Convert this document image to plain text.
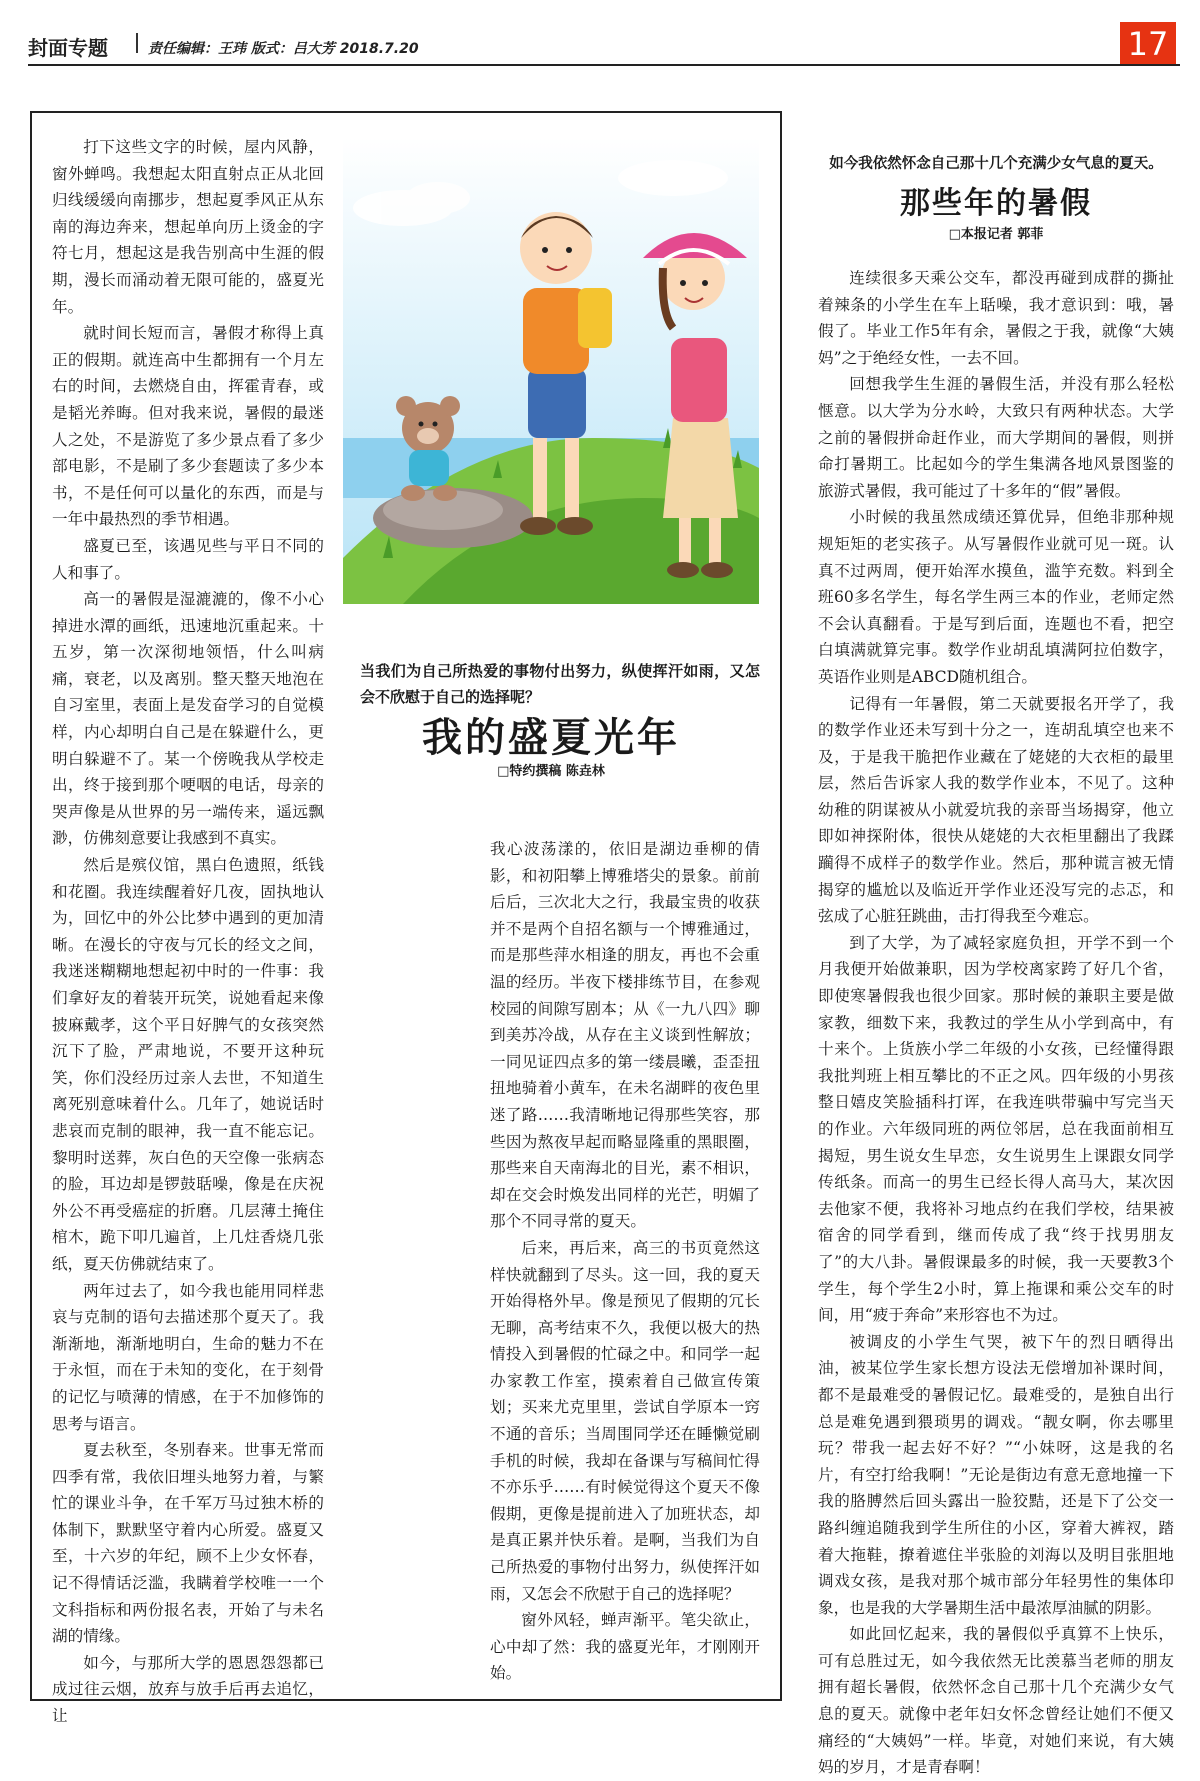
封面专题	责任编辑：王玮 版式：吕大芳 2018.7.20	17

打下这些文字的时候，屋内风静，窗外蝉鸣。我想起太阳直射点正从北回归线缓缓向南挪步，想起夏季风正从东南的海边奔来，想起单向历上烫金的字符七月，想起这是我告别高中生涯的假期，漫长而涌动着无限可能的，盛夏光年。

就时间长短而言，暑假才称得上真正的假期。就连高中生都拥有一个月左右的时间，去燃烧自由，挥霍青春，或是韬光养晦。但对我来说，暑假的最迷人之处，不是游览了多少景点看了多少部电影，不是刷了多少套题读了多少本书，不是任何可以量化的东西，而是与一年中最热烈的季节相遇。

盛夏已至，该遇见些与平日不同的人和事了。

高一的暑假是湿漉漉的，像不小心掉进水潭的画纸，迅速地沉重起来。十五岁，第一次深彻地领悟，什么叫病痛，衰老，以及离别。整天整天地泡在自习室里，表面上是发奋学习的自觉模样，内心却明白自己是在躲避什么，更明白躲避不了。某一个傍晚我从学校走出，终于接到那个哽咽的电话，母亲的哭声像是从世界的另一端传来，遥远飘渺，仿佛刻意要让我感到不真实。

然后是殡仪馆，黑白色遗照，纸钱和花圈。我连续醒着好几夜，固执地认为，回忆中的外公比梦中遇到的更加清晰。在漫长的守夜与冗长的经文之间，我迷迷糊糊地想起初中时的一件事：我们拿好友的着装开玩笑，说她看起来像披麻戴孝，这个平日好脾气的女孩突然沉下了脸，严肃地说，不要开这种玩笑，你们没经历过亲人去世，不知道生离死别意味着什么。几年了，她说话时悲哀而克制的眼神，我一直不能忘记。黎明时送葬，灰白色的天空像一张病态的脸，耳边却是锣鼓聒噪，像是在庆祝外公不再受癌症的折磨。几层薄土掩住棺木，跪下叩几遍首，上几炷香烧几张纸，夏天仿佛就结束了。

两年过去了，如今我也能用同样悲哀与克制的语句去描述那个夏天了。我渐渐地，渐渐地明白，生命的魅力不在于永恒，而在于未知的变化，在于刻骨的记忆与喷薄的情感，在于不加修饰的思考与语言。

夏去秋至，冬别春来。世事无常而四季有常，我依旧埋头地努力着，与繁忙的课业斗争，在千军万马过独木桥的体制下，默默坚守着内心所爱。盛夏又至，十六岁的年纪，顾不上少女怀春，记不得情话泛滥，我瞒着学校唯一一个文科指标和两份报名表，开始了与未名湖的情缘。

如今，与那所大学的恩恩怨怨都已成过往云烟，放弃与放手后再去追忆，让

当我们为自己所热爱的事物付出努力，纵使挥汗如雨，又怎会不欣慰于自己的选择呢？
我的盛夏光年
□特约撰稿 陈垚林

我心波荡漾的，依旧是湖边垂柳的倩影，和初阳攀上博雅塔尖的景象。前前后后，三次北大之行，我最宝贵的收获并不是两个自招名额与一个博雅通过，而是那些萍水相逢的朋友，再也不会重温的经历。半夜下楼排练节目，在参观校园的间隙写剧本；从《一九八四》聊到美苏冷战，从存在主义谈到性解放；一同见证四点多的第一缕晨曦，歪歪扭扭地骑着小黄车，在未名湖畔的夜色里迷了路……我清晰地记得那些笑容，那些因为熬夜早起而略显隆重的黑眼圈，那些来自天南海北的目光，素不相识，却在交会时焕发出同样的光芒，明媚了那个不同寻常的夏天。

后来，再后来，高三的书页竟然这样快就翻到了尽头。这一回，我的夏天开始得格外早。像是预见了假期的冗长无聊，高考结束不久，我便以极大的热情投入到暑假的忙碌之中。和同学一起办家教工作室，摸索着自己做宣传策划；买来尤克里里，尝试自学原本一窍不通的音乐；当周围同学还在睡懒觉刷手机的时候，我却在备课与写稿间忙得不亦乐乎……有时候觉得这个夏天不像假期，更像是提前进入了加班状态，却是真正累并快乐着。是啊，当我们为自己所热爱的事物付出努力，纵使挥汗如雨，又怎会不欣慰于自己的选择呢？

窗外风轻，蝉声渐平。笔尖欲止，心中却了然：我的盛夏光年，才刚刚开始。

如今我依然怀念自己那十几个充满少女气息的夏天。
那些年的暑假
□本报记者 郭菲

连续很多天乘公交车，都没再碰到成群的撕扯着辣条的小学生在车上聒噪，我才意识到：哦，暑假了。毕业工作5年有余，暑假之于我，就像“大姨妈”之于绝经女性，一去不回。

回想我学生生涯的暑假生活，并没有那么轻松惬意。以大学为分水岭，大致只有两种状态。大学之前的暑假拼命赶作业，而大学期间的暑假，则拼命打暑期工。比起如今的学生集满各地风景图鉴的旅游式暑假，我可能过了十多年的“假”暑假。

小时候的我虽然成绩还算优异，但绝非那种规规矩矩的老实孩子。从写暑假作业就可见一斑。认真不过两周，便开始浑水摸鱼，滥竽充数。料到全班60多名学生，每名学生两三本的作业，老师定然不会认真翻看。于是写到后面，连题也不看，把空白填满就算完事。数学作业胡乱填满阿拉伯数字，英语作业则是ABCD随机组合。

记得有一年暑假，第二天就要报名开学了，我的数学作业还未写到十分之一，连胡乱填空也来不及，于是我干脆把作业藏在了姥姥的大衣柜的最里层，然后告诉家人我的数学作业本，不见了。这种幼稚的阴谋被从小就爱坑我的亲哥当场揭穿，他立即如神探附体，很快从姥姥的大衣柜里翻出了我蹂躏得不成样子的数学作业。然后，那种谎言被无情揭穿的尴尬以及临近开学作业还没写完的忐忑，和弦成了心脏狂跳曲，击打得我至今难忘。

到了大学，为了减轻家庭负担，开学不到一个月我便开始做兼职，因为学校离家跨了好几个省，即使寒暑假我也很少回家。那时候的兼职主要是做家教，细数下来，我教过的学生从小学到高中，有十来个。上货族小学二年级的小女孩，已经懂得跟我批判班上相互攀比的不正之风。四年级的小男孩整日嬉皮笑脸插科打诨，在我连哄带骗中写完当天的作业。六年级同班的两位邻居，总在我面前相互揭短，男生说女生早恋，女生说男生上课跟女同学传纸条。而高一的男生已经长得人高马大，某次因去他家不便，我将补习地点约在我们学校，结果被宿舍的同学看到，继而传成了我“终于找男朋友了”的大八卦。暑假课最多的时候，我一天要教3个学生，每个学生2小时，算上拖课和乘公交车的时间，用“疲于奔命”来形容也不为过。

被调皮的小学生气哭，被下午的烈日晒得出油，被某位学生家长想方设法无偿增加补课时间，都不是最难受的暑假记忆。最难受的，是独自出行总是难免遇到猥琐男的调戏。“靓女啊，你去哪里玩？带我一起去好不好？”“小妹呀，这是我的名片，有空打给我啊！”无论是街边有意无意地撞一下我的胳膊然后回头露出一脸狡黠，还是下了公交一路纠缠追随我到学生所住的小区，穿着大裤衩，踏着大拖鞋，撩着遮住半张脸的刘海以及明目张胆地调戏女孩，是我对那个城市部分年轻男性的集体印象，也是我的大学暑期生活中最浓厚油腻的阴影。

如此回忆起来，我的暑假似乎真算不上快乐，可有总胜过无，如今我依然无比羡慕当老师的朋友拥有超长暑假，依然怀念自己那十几个充满少女气息的夏天。就像中老年妇女怀念曾经让她们不便又痛经的“大姨妈”一样。毕竟，对她们来说，有大姨妈的岁月，才是青春啊！
